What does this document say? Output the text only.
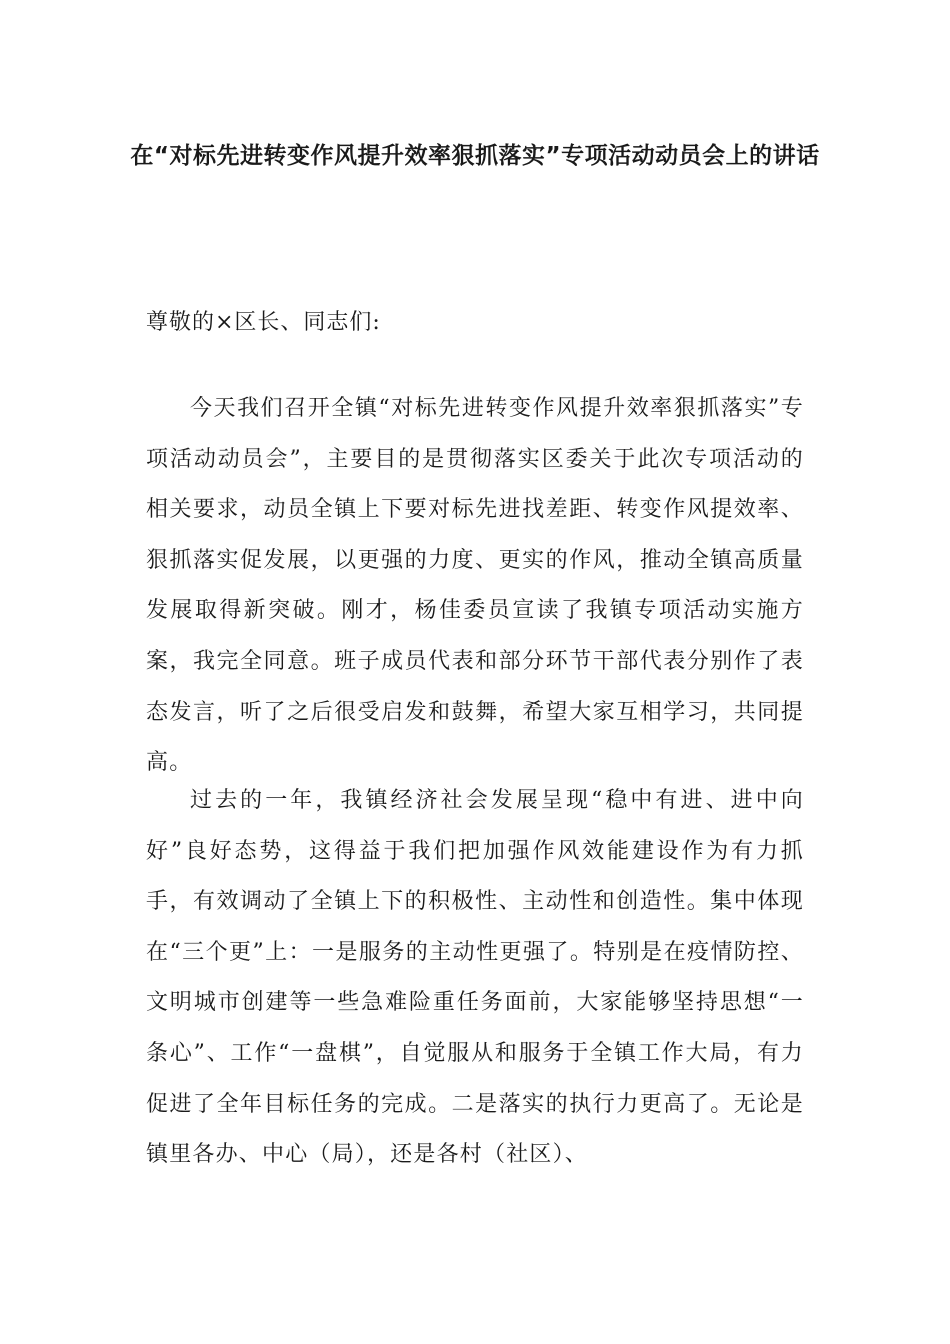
在“对标先进转变作风提升效率狠抓落实”专项活动动员会上的讲话
尊敬的×区长、同志们:

今天我们召开全镇“对标先进转变作风提升效率狠抓落实”专项活动动员会”，主要目的是贯彻落实区委关于此次专项活动的相关要求，动员全镇上下要对标先进找差距、转变作风提效率、狠抓落实促发展，以更强的力度、更实的作风，推动全镇高质量发展取得新突破。刚才，杨佳委员宣读了我镇专项活动实施方案，我完全同意。班子成员代表和部分环节干部代表分别作了表态发言，听了之后很受启发和鼓舞，希望大家互相学习，共同提高。

过去的一年，我镇经济社会发展呈现“稳中有进、进中向好”良好态势，这得益于我们把加强作风效能建设作为有力抓手，有效调动了全镇上下的积极性、主动性和创造性。集中体现在“三个更”上：一是服务的主动性更强了。特别是在疫情防控、文明城市创建等一些急难险重任务面前，大家能够坚持思想“一条心”、工作“一盘棋”，自觉服从和服务于全镇工作大局，有力促进了全年目标任务的完成。二是落实的执行力更高了。无论是镇里各办、中心（局），还是各村（社区）、
